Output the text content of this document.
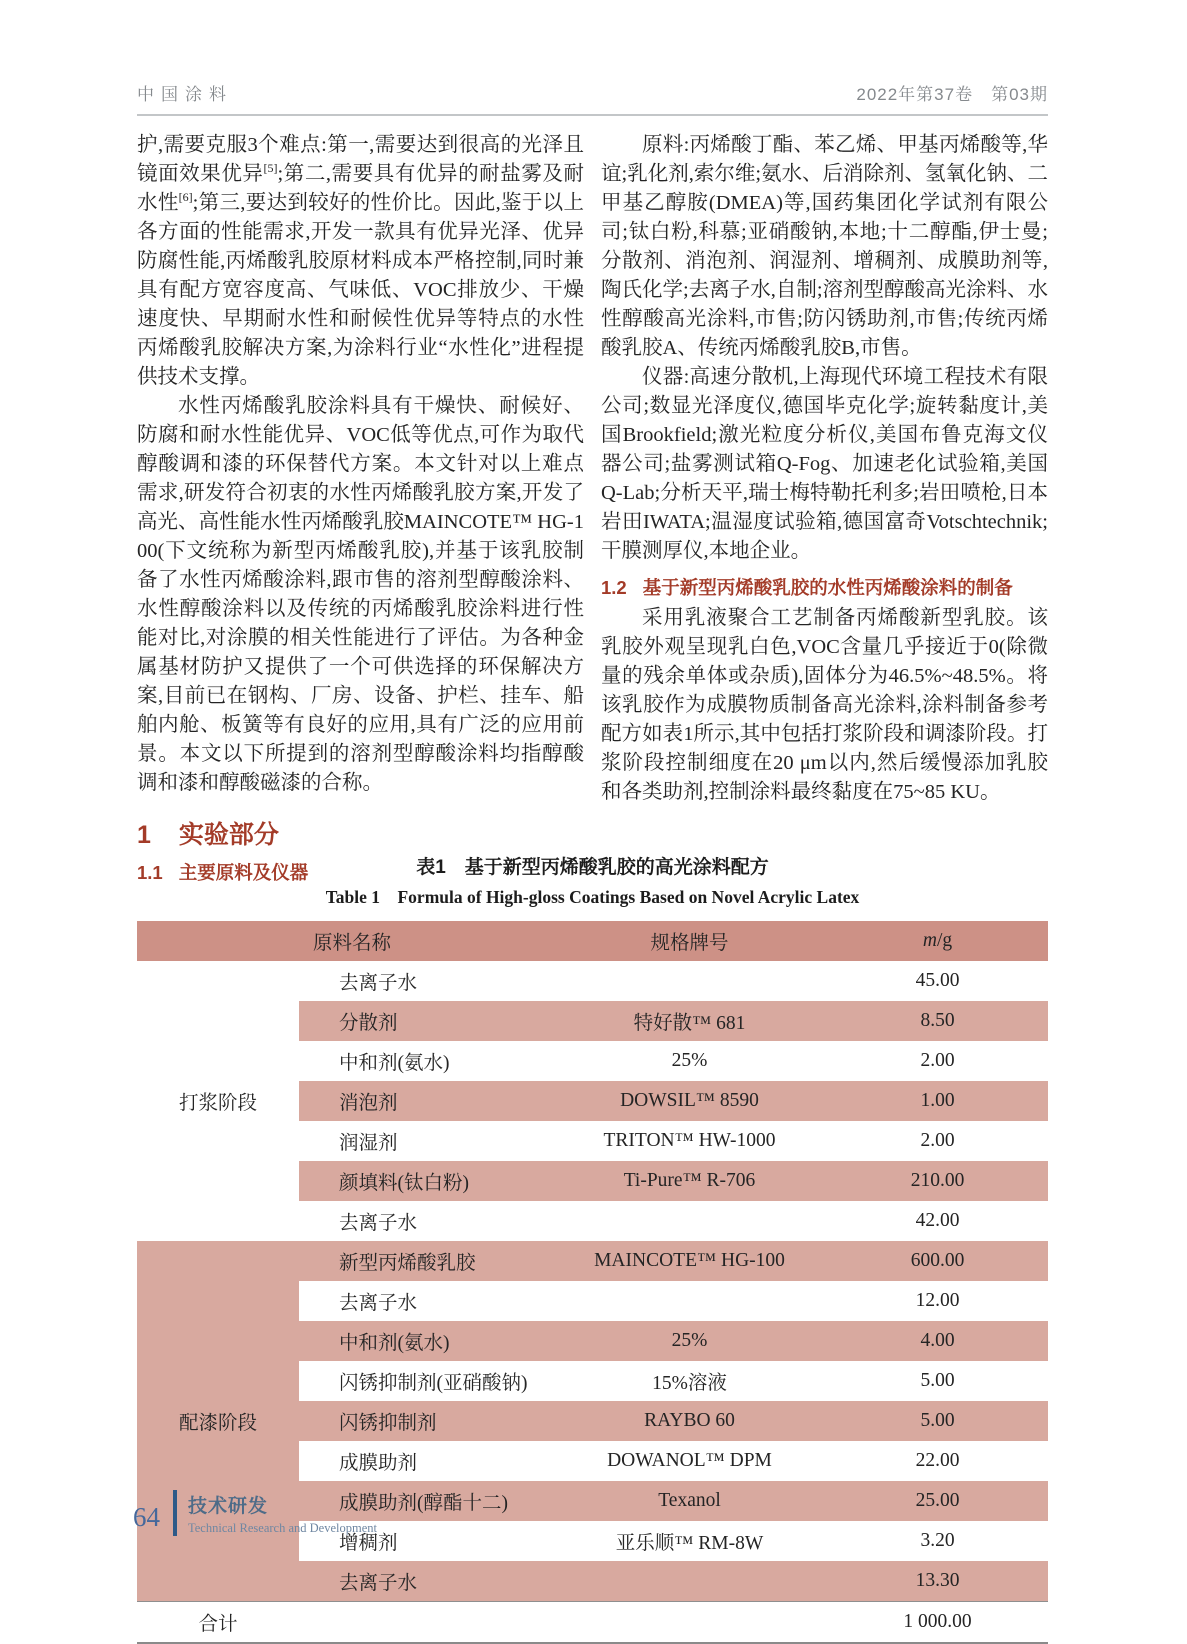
中国涂料	2022年第37卷　第03期

护,需要克服3个难点:第一,需要达到很高的光泽且镜面效果优异[5];第二,需要具有优异的耐盐雾及耐水性[6];第三,要达到较好的性价比。因此,鉴于以上各方面的性能需求,开发一款具有优异光泽、优异防腐性能,丙烯酸乳胶原材料成本严格控制,同时兼具有配方宽容度高、气味低、VOC排放少、干燥速度快、早期耐水性和耐候性优异等特点的水性丙烯酸乳胶解决方案,为涂料行业“水性化”进程提供技术支撑。

水性丙烯酸乳胶涂料具有干燥快、耐候好、防腐和耐水性能优异、VOC低等优点,可作为取代醇酸调和漆的环保替代方案。本文针对以上难点需求,研发符合初衷的水性丙烯酸乳胶方案,开发了高光、高性能水性丙烯酸乳胶MAINCOTE™ HG-100(下文统称为新型丙烯酸乳胶),并基于该乳胶制备了水性丙烯酸涂料,跟市售的溶剂型醇酸涂料、水性醇酸涂料以及传统的丙烯酸乳胶涂料进行性能对比,对涂膜的相关性能进行了评估。为各种金属基材防护又提供了一个可供选择的环保解决方案,目前已在钢构、厂房、设备、护栏、挂车、船舶内舱、板簧等有良好的应用,具有广泛的应用前景。本文以下所提到的溶剂型醇酸涂料均指醇酸调和漆和醇酸磁漆的合称。

1 实验部分
1.1 主要原料及仪器

原料:丙烯酸丁酯、苯乙烯、甲基丙烯酸等,华谊;乳化剂,索尔维;氨水、后消除剂、氢氧化钠、二甲基乙醇胺(DMEA)等,国药集团化学试剂有限公司;钛白粉,科慕;亚硝酸钠,本地;十二醇酯,伊士曼;分散剂、消泡剂、润湿剂、增稠剂、成膜助剂等,陶氏化学;去离子水,自制;溶剂型醇酸高光涂料、水性醇酸高光涂料,市售;防闪锈助剂,市售;传统丙烯酸乳胶A、传统丙烯酸乳胶B,市售。

仪器:高速分散机,上海现代环境工程技术有限公司;数显光泽度仪,德国毕克化学;旋转黏度计,美国Brookfield;激光粒度分析仪,美国布鲁克海文仪器公司;盐雾测试箱Q-Fog、加速老化试验箱,美国Q-Lab;分析天平,瑞士梅特勒托利多;岩田喷枪,日本岩田IWATA;温湿度试验箱,德国富奇Votschtechnik;干膜测厚仪,本地企业。

1.2 基于新型丙烯酸乳胶的水性丙烯酸涂料的制备

采用乳液聚合工艺制备丙烯酸新型乳胶。该乳胶外观呈现乳白色,VOC含量几乎接近于0(除微量的残余单体或杂质),固体分为46.5%~48.5%。将该乳胶作为成膜物质制备高光涂料,涂料制备参考配方如表1所示,其中包括打浆阶段和调漆阶段。打浆阶段控制细度在20 μm以内,然后缓慢添加乳胶和各类助剂,控制涂料最终黏度在75~85 KU。

表1　基于新型丙烯酸乳胶的高光涂料配方
Table 1　Formula of High-gloss Coatings Based on Novel Acrylic Latex
	原料名称	规格牌号	m/g
打浆阶段	去离子水		45.00
	分散剂	特好散™ 681	8.50
	中和剂(氨水)	25%	2.00
	消泡剂	DOWSIL™ 8590	1.00
	润湿剂	TRITON™ HW-1000	2.00
	颜填料(钛白粉)	Ti-Pure™ R-706	210.00
	去离子水		42.00
配漆阶段	新型丙烯酸乳胶	MAINCOTE™ HG-100	600.00
	去离子水		12.00
	中和剂(氨水)	25%	4.00
	闪锈抑制剂(亚硝酸钠)	15%溶液	5.00
	闪锈抑制剂	RAYBO 60	5.00
	成膜助剂	DOWANOL™ DPM	22.00
	成膜助剂(醇酯十二)	Texanol	25.00
	增稠剂	亚乐顺™ RM-8W	3.20
	去离子水		13.30
合计			1 000.00
64 技术研发
Technical Research and Development
